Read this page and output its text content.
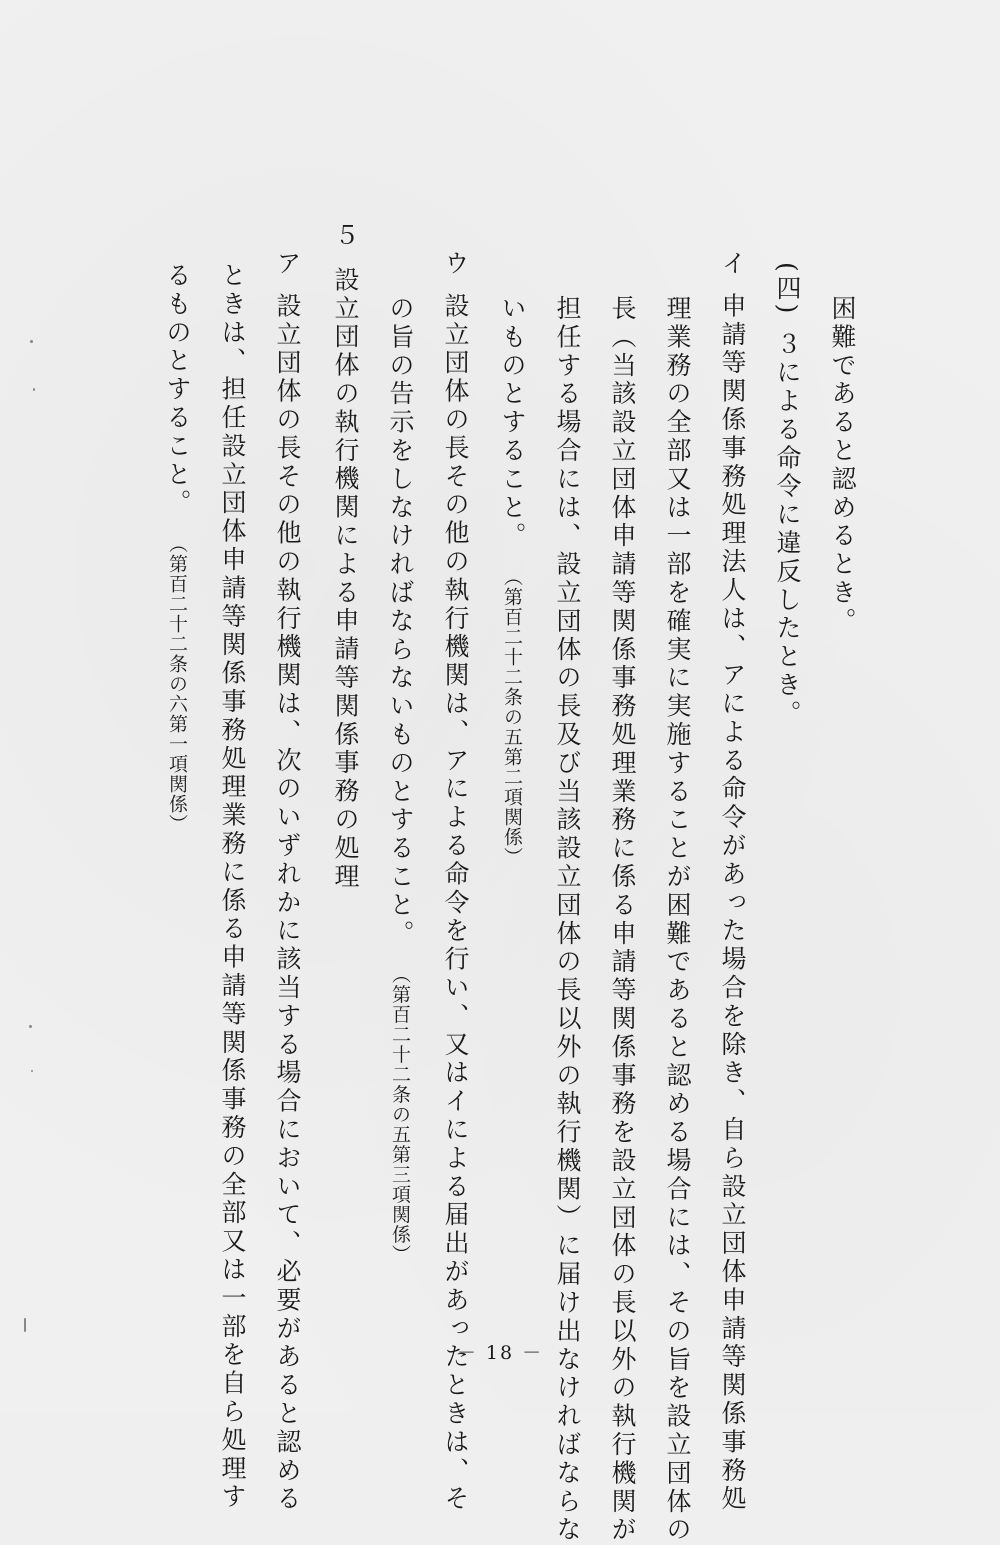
困難であると認めるとき。
(四)３による命令に違反したとき。
イ申請等関係事務処理法人は、アによる命令があった場合を除き、自ら設立団体申請等関係事務処
理業務の全部又は一部を確実に実施することが困難であると認める場合には、その旨を設立団体の
長（当該設立団体申請等関係事務処理業務に係る申請等関係事務を設立団体の長以外の執行機関が
担任する場合には、設立団体の長及び当該設立団体の長以外の執行機関）に届け出なければならな
いものとすること。（第百二十二条の五第二項関係）
ウ設立団体の長その他の執行機関は、アによる命令を行い、又はイによる届出があったときは、そ
の旨の告示をしなければならないものとすること。（第百二十二条の五第三項関係）
５設立団体の執行機関による申請等関係事務の処理
ア設立団体の長その他の執行機関は、次のいずれかに該当する場合において、必要があると認める
ときは、担任設立団体申請等関係事務処理業務に係る申請等関係事務の全部又は一部を自ら処理す
るものとすること。（第百二十二条の六第一項関係）
－ 18 －
